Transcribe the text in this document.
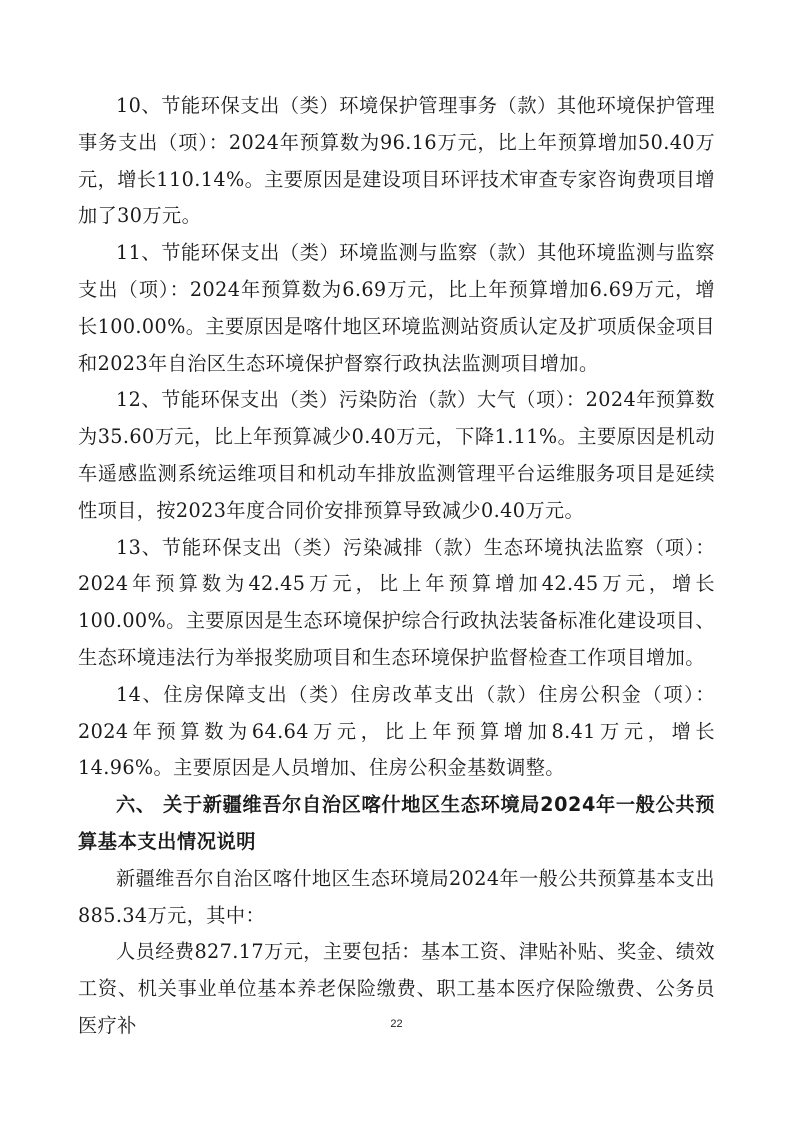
10、节能环保支出（类）环境保护管理事务（款）其他环境保护管理事务支出（项）：2024年预算数为96.16万元，比上年预算增加50.40万元，增长110.14%。主要原因是建设项目环评技术审查专家咨询费项目增加了30万元。

11、节能环保支出（类）环境监测与监察（款）其他环境监测与监察支出（项）：2024年预算数为6.69万元，比上年预算增加6.69万元，增长100.00%。主要原因是喀什地区环境监测站资质认定及扩项质保金项目和2023年自治区生态环境保护督察行政执法监测项目增加。

12、节能环保支出（类）污染防治（款）大气（项）：2024年预算数为35.60万元，比上年预算减少0.40万元，下降1.11%。主要原因是机动车遥感监测系统运维项目和机动车排放监测管理平台运维服务项目是延续性项目，按2023年度合同价安排预算导致减少0.40万元。

13、节能环保支出（类）污染减排（款）生态环境执法监察（项）：2024年预算数为42.45万元，比上年预算增加42.45万元，增长100.00%。主要原因是生态环境保护综合行政执法装备标准化建设项目、生态环境违法行为举报奖励项目和生态环境保护监督检查工作项目增加。

14、住房保障支出（类）住房改革支出（款）住房公积金（项）：2024年预算数为64.64万元，比上年预算增加8.41万元，增长14.96%。主要原因是人员增加、住房公积金基数调整。

六、 关于新疆维吾尔自治区喀什地区生态环境局2024年一般公共预算基本支出情况说明

新疆维吾尔自治区喀什地区生态环境局2024年一般公共预算基本支出885.34万元，其中：

人员经费827.17万元，主要包括：基本工资、津贴补贴、奖金、绩效工资、机关事业单位基本养老保险缴费、职工基本医疗保险缴费、公务员医疗补	22
